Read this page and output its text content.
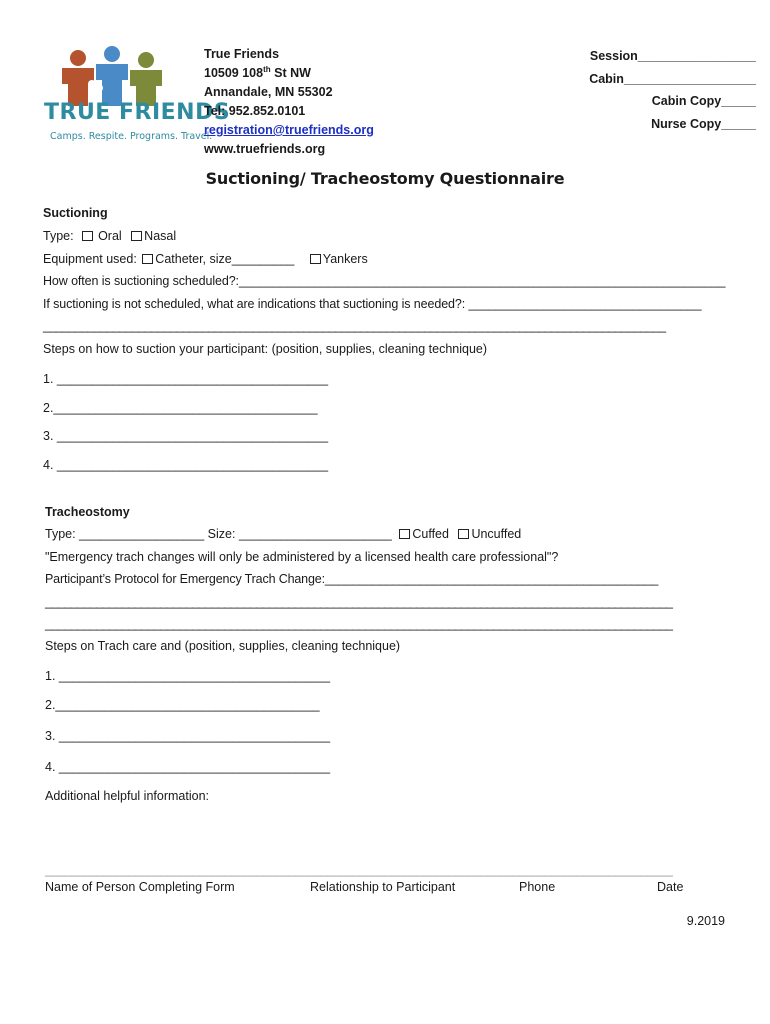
TRUE FRIENDS
Camps. Respite. Programs. Travel.
True Friends
10509 108th St NW
Annandale, MN 55302
Tel: 952.852.0101
registration@truefriends.org
www.truefriends.org
Session_________________
Cabin___________________
Cabin Copy_____
Nurse Copy_____
Suctioning/ Tracheostomy Questionnaire
Suctioning
Type: Oral Nasal
Equipment used: Catheter, size_________ Yankers
How often is suctioning scheduled?:_______________________________________________________________________
If suctioning is not scheduled, what are indications that suctioning is needed?: __________________________________
__________________________________________________________________________________________________
Steps on how to suction your participant: (position, supplies, cleaning technique)
1. _______________________________________
2.______________________________________
3. _______________________________________
4. _______________________________________
Tracheostomy
Type: __________________ Size: ______________________ Cuffed Uncuffed
"Emergency trach changes will only be administered by a licensed health care professional"?
Participant’s Protocol for Emergency Trach Change:_________________________________________________
__________________________________________________________________________________________________
__________________________________________________________________________________________________
Steps on Trach care and (position, supplies, cleaning technique)
1. _______________________________________
2.______________________________________
3. _______________________________________
4. _______________________________________
Additional helpful information:
__________________________________________________________________________________________________
Name of Person Completing Form	Relationship to Participant	Phone	Date
9.2019
